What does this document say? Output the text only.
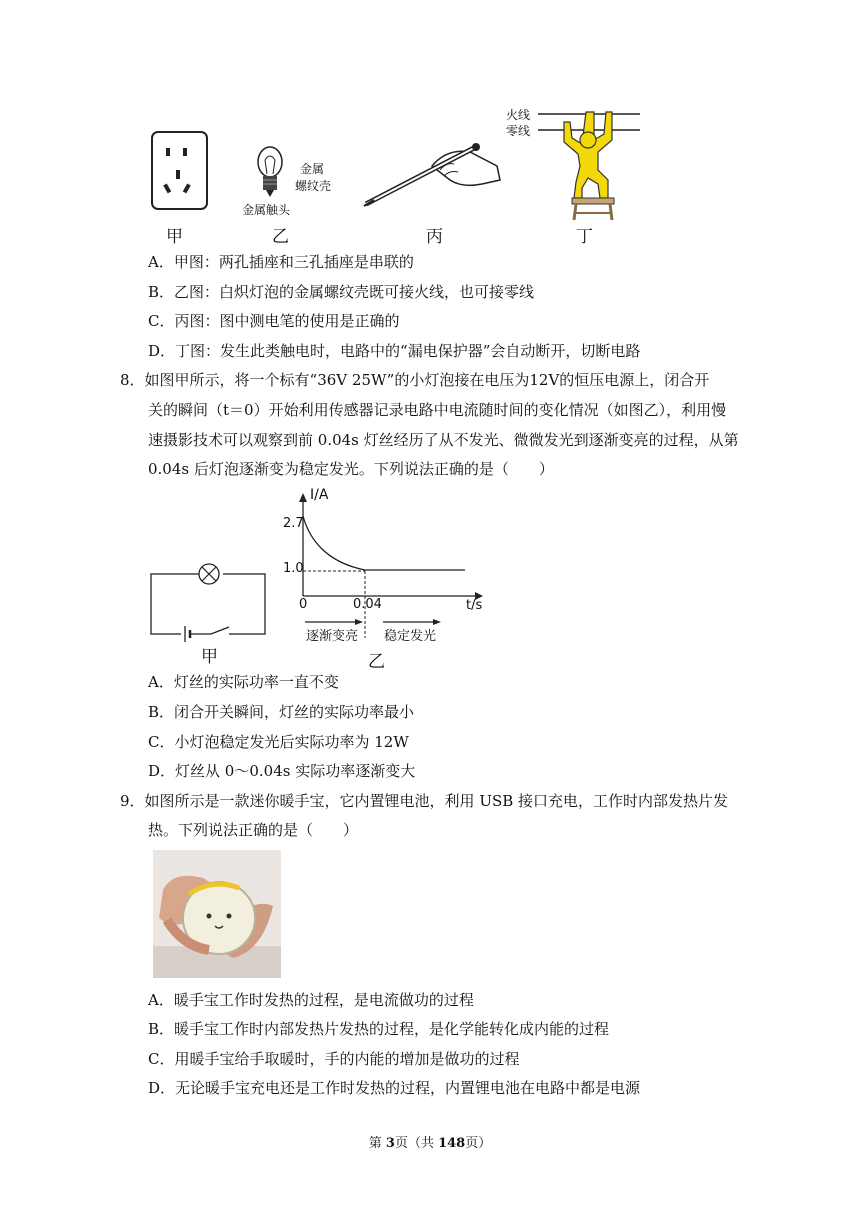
金属
螺纹壳
金属触头
火线
零线
甲	乙	丙	丁
A．甲图：两孔插座和三孔插座是串联的
B．乙图：白炽灯泡的金属螺纹壳既可接火线，也可接零线
C．丙图：图中测电笔的使用是正确的
D．丁图：发生此类触电时，电路中的“漏电保护器”会自动断开，切断电路
8．如图甲所示，将一个标有“36V 25W”的小灯泡接在电压为12V的恒压电源上，闭合开
关的瞬间（t＝0）开始利用传感器记录电路中电流随时间的变化情况（如图乙），利用慢
速摄影技术可以观察到前 0.04s 灯丝经历了从不发光、微微发光到逐渐变亮的过程，从第
0.04s 后灯泡逐渐变为稳定发光。下列说法正确的是（　　）
I/A
2.7
1.0
0	0.04	t/s
逐渐变亮 稳定发光
甲	乙
A．灯丝的实际功率一直不变
B．闭合开关瞬间，灯丝的实际功率最小
C．小灯泡稳定发光后实际功率为 12W
D．灯丝从 0～0.04s 实际功率逐渐变大
9．如图所示是一款迷你暖手宝，它内置锂电池，利用 USB 接口充电，工作时内部发热片发
热。下列说法正确的是（　　）
A．暖手宝工作时发热的过程，是电流做功的过程
B．暖手宝工作时内部发热片发热的过程，是化学能转化成内能的过程
C．用暖手宝给手取暖时，手的内能的增加是做功的过程
D．无论暖手宝充电还是工作时发热的过程，内置锂电池在电路中都是电源
第 3页（共 148页）
